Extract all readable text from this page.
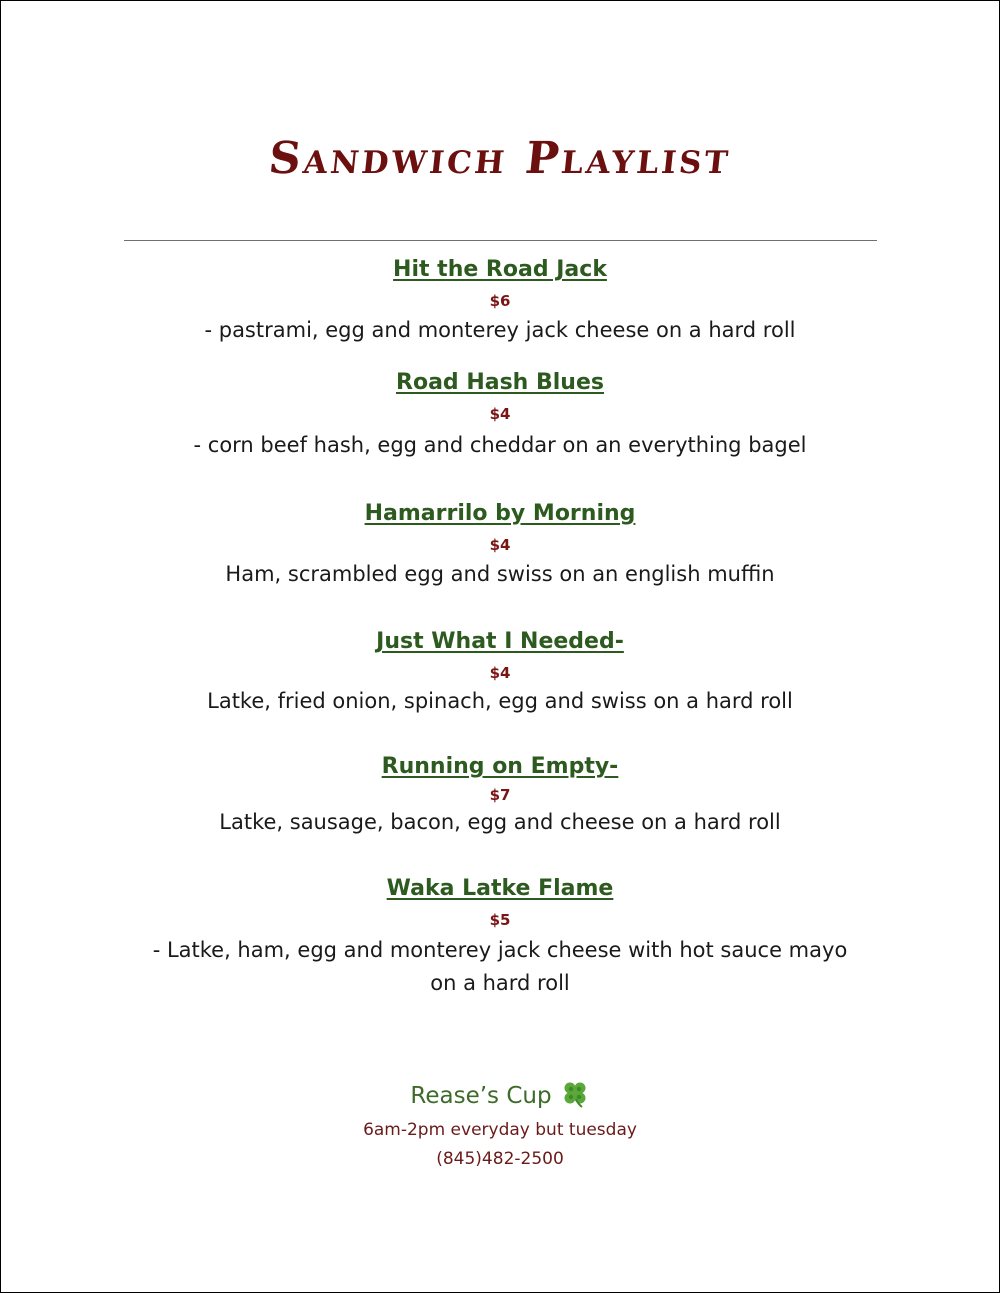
Sandwich Playlist
Hit the Road Jack
$6
- pastrami, egg and monterey jack cheese on a hard roll
Road Hash Blues
$4
- corn beef hash, egg and cheddar on an everything bagel
Hamarrilo by Morning
$4
Ham, scrambled egg and swiss on an english muffin
Just What I Needed-
$4
Latke, fried onion, spinach, egg and swiss on a hard roll
Running on Empty-
$7
Latke, sausage, bacon, egg and cheese on a hard roll
Waka Latke Flame
$5
- Latke, ham, egg and monterey jack cheese with hot sauce mayo
on a hard roll
Rease’s Cup
6am-2pm everyday but tuesday
(845)482-2500
